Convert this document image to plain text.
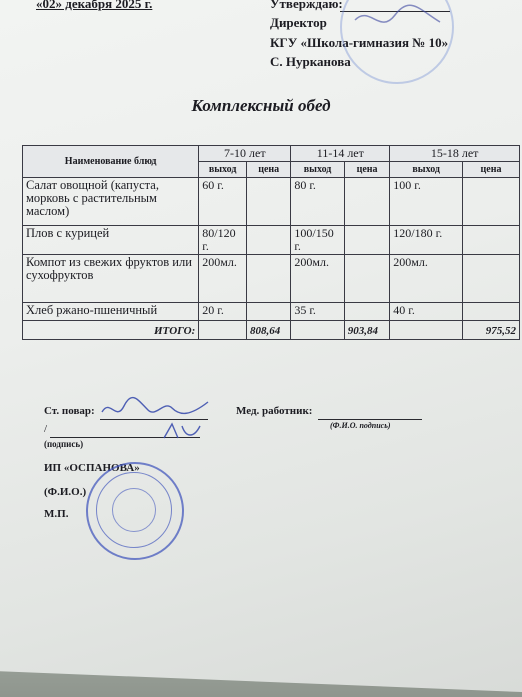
«02» декабря 2025 г.	Утверждаю:
Директор
КГУ «Школа-гимназия № 10»
С. Нурканова
Комплексный обед
Наименование блюд	7-10 лет		11-14 лет		15-18 лет	
	выход	цена	выход	цена	выход	цена
Салат овощной (капуста, морковь с растительным маслом)	60 г.		80 г.		100 г.	
Плов с курицей	80/120 г.		100/150 г.		120/180 г.	
Компот из свежих фруктов или сухофруктов	200мл.		200мл.		200мл.	
Хлеб ржано-пшеничный	20 г.		35 г.		40 г.	
ИТОГО:		808,64		903,84		975,52
Ст. повар:	Мед. работник:
(Ф.И.О. подпись)
/
(подпись)
ИП «ОСПАНОВА»
(Ф.И.О.)
М.П.
